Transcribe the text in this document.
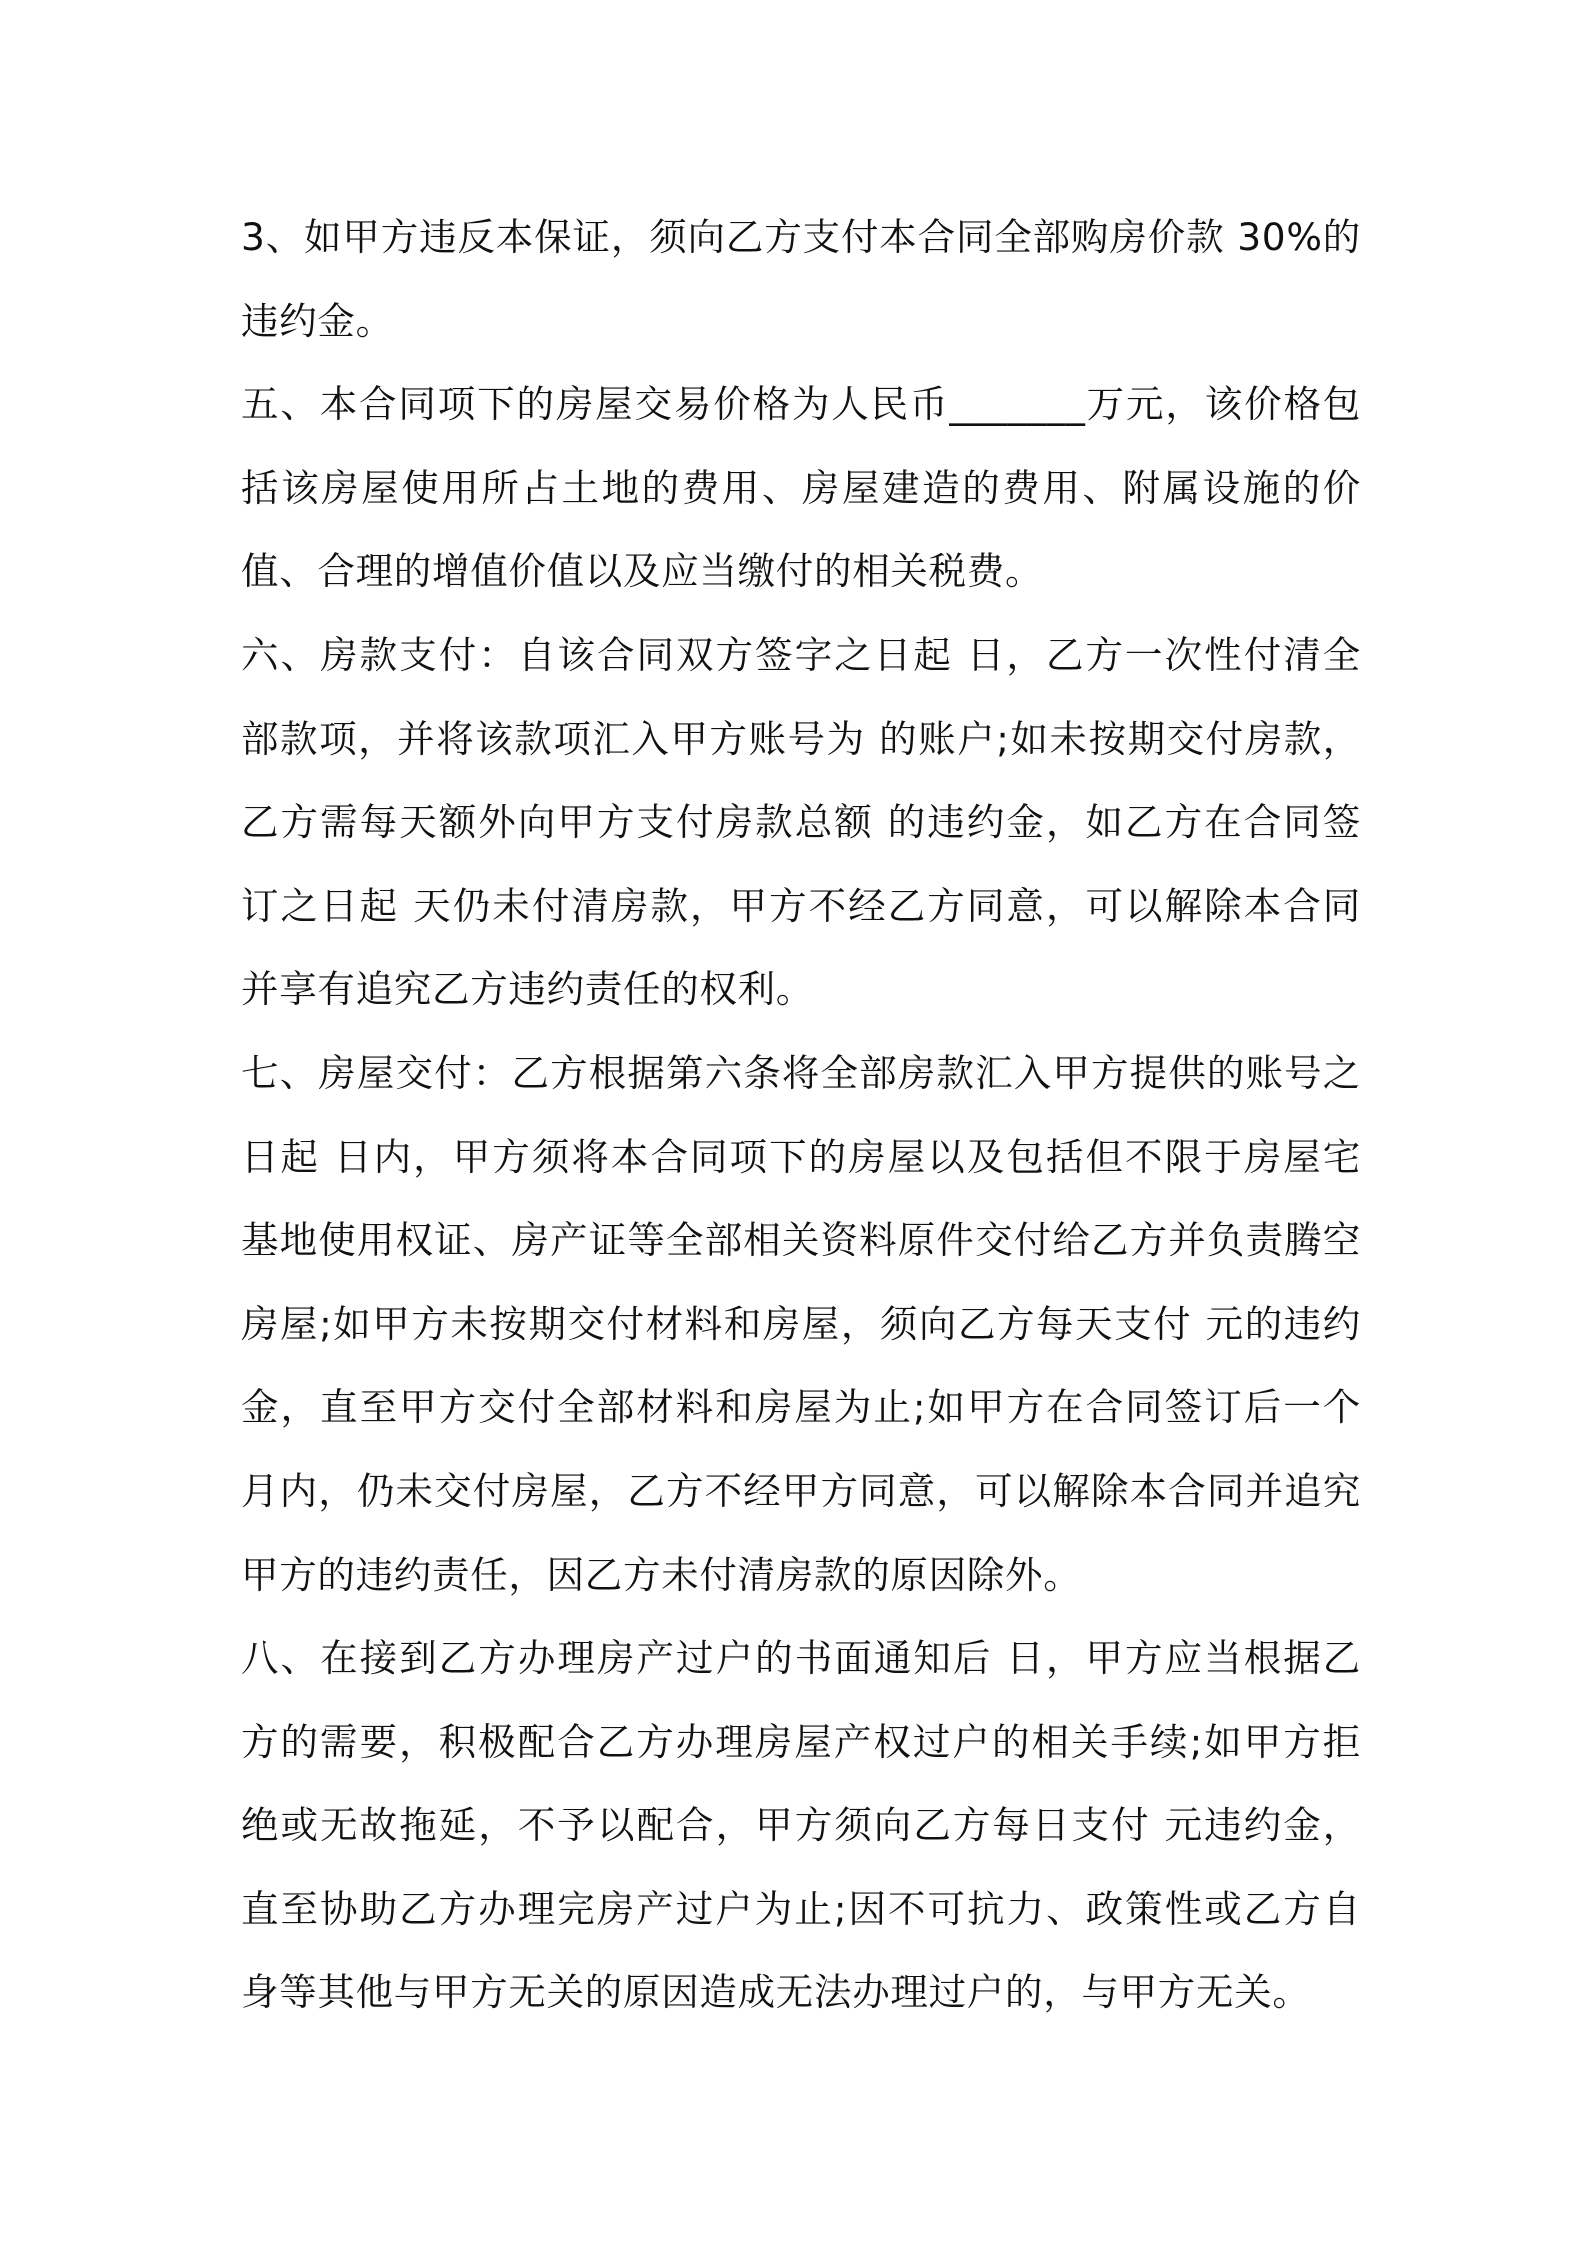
3、如甲方违反本保证，须向乙方支付本合同全部购房价款 30%的违约金。

五、本合同项下的房屋交易价格为人民币_______万元，该价格包括该房屋使用所占土地的费用、房屋建造的费用、附属设施的价值、合理的增值价值以及应当缴付的相关税费。

六、房款支付：自该合同双方签字之日起 日，乙方一次性付清全部款项，并将该款项汇入甲方账号为 的账户;如未按期交付房款，乙方需每天额外向甲方支付房款总额 的违约金，如乙方在合同签订之日起 天仍未付清房款，甲方不经乙方同意，可以解除本合同并享有追究乙方违约责任的权利。

七、房屋交付：乙方根据第六条将全部房款汇入甲方提供的账号之日起 日内，甲方须将本合同项下的房屋以及包括但不限于房屋宅基地使用权证、房产证等全部相关资料原件交付给乙方并负责腾空房屋;如甲方未按期交付材料和房屋，须向乙方每天支付 元的违约金，直至甲方交付全部材料和房屋为止;如甲方在合同签订后一个月内，仍未交付房屋，乙方不经甲方同意，可以解除本合同并追究甲方的违约责任，因乙方未付清房款的原因除外。

八、在接到乙方办理房产过户的书面通知后 日，甲方应当根据乙方的需要，积极配合乙方办理房屋产权过户的相关手续;如甲方拒绝或无故拖延，不予以配合，甲方须向乙方每日支付 元违约金，直至协助乙方办理完房产过户为止;因不可抗力、政策性或乙方自身等其他与甲方无关的原因造成无法办理过户的，与甲方无关。
